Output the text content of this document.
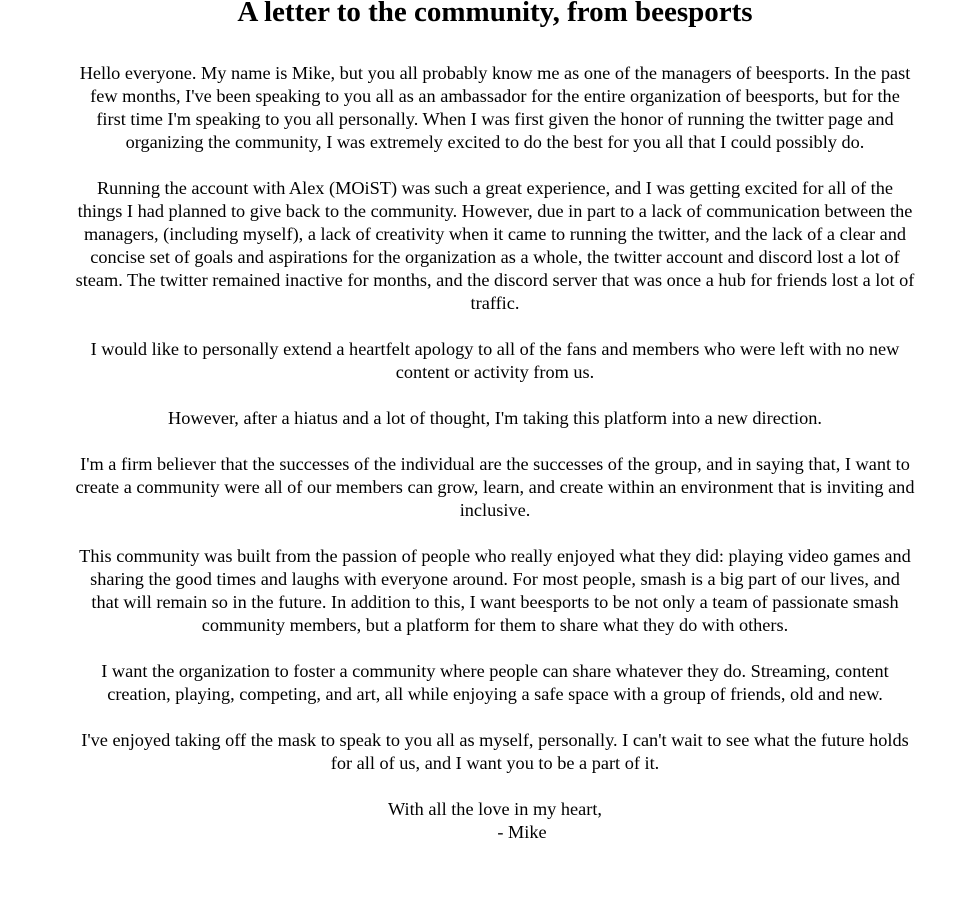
A letter to the community, from beesports

Hello everyone. My name is Mike, but you all probably know me as one of the managers of beesports. In the past few months, I've been speaking to you all as an ambassador for the entire organization of beesports, but for the first time I'm speaking to you all personally. When I was first given the honor of running the twitter page and organizing the community, I was extremely excited to do the best for you all that I could possibly do.

Running the account with Alex (MOiST) was such a great experience, and I was getting excited for all of the things I had planned to give back to the community. However, due in part to a lack of communication between the managers, (including myself), a lack of creativity when it came to running the twitter, and the lack of a clear and concise set of goals and aspirations for the organization as a whole, the twitter account and discord lost a lot of steam. The twitter remained inactive for months, and the discord server that was once a hub for friends lost a lot of traffic.

I would like to personally extend a heartfelt apology to all of the fans and members who were left with no new content or activity from us.

However, after a hiatus and a lot of thought, I'm taking this platform into a new direction.

I'm a firm believer that the successes of the individual are the successes of the group, and in saying that, I want to create a community were all of our members can grow, learn, and create within an environment that is inviting and inclusive.

This community was built from the passion of people who really enjoyed what they did: playing video games and sharing the good times and laughs with everyone around. For most people, smash is a big part of our lives, and that will remain so in the future. In addition to this, I want beesports to be not only a team of passionate smash community members, but a platform for them to share what they do with others.

I want the organization to foster a community where people can share whatever they do. Streaming, content creation, playing, competing, and art, all while enjoying a safe space with a group of friends, old and new.

I've enjoyed taking off the mask to speak to you all as myself, personally. I can't wait to see what the future holds for all of us, and I want you to be a part of it.

With all the love in my heart,
- Mike
